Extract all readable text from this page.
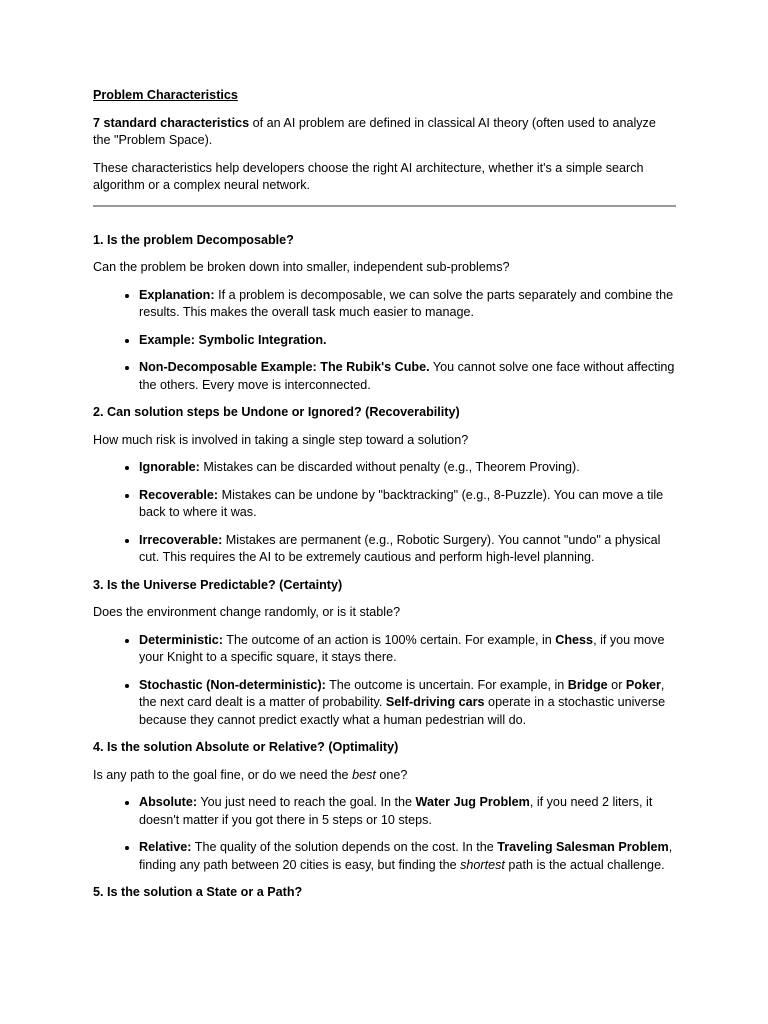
Problem Characteristics

7 standard characteristics of an AI problem are defined in classical AI theory (often used to analyze the "Problem Space).

These characteristics help developers choose the right AI architecture, whether it's a simple search algorithm or a complex neural network.

1. Is the problem Decomposable?

Can the problem be broken down into smaller, independent sub-problems?

• Explanation: If a problem is decomposable, we can solve the parts separately and combine the results. This makes the overall task much easier to manage.
• Example: Symbolic Integration.
• Non-Decomposable Example: The Rubik's Cube. You cannot solve one face without affecting the others. Every move is interconnected.
2. Can solution steps be Undone or Ignored? (Recoverability)

How much risk is involved in taking a single step toward a solution?

• Ignorable: Mistakes can be discarded without penalty (e.g., Theorem Proving).
• Recoverable: Mistakes can be undone by "backtracking" (e.g., 8-Puzzle). You can move a tile back to where it was.
• Irrecoverable: Mistakes are permanent (e.g., Robotic Surgery). You cannot "undo" a physical cut. This requires the AI to be extremely cautious and perform high-level planning.
3. Is the Universe Predictable? (Certainty)

Does the environment change randomly, or is it stable?

• Deterministic: The outcome of an action is 100% certain. For example, in Chess, if you move your Knight to a specific square, it stays there.
• Stochastic (Non-deterministic): The outcome is uncertain. For example, in Bridge or Poker, the next card dealt is a matter of probability. Self-driving cars operate in a stochastic universe because they cannot predict exactly what a human pedestrian will do.
4. Is the solution Absolute or Relative? (Optimality)

Is any path to the goal fine, or do we need the best one?

• Absolute: You just need to reach the goal. In the Water Jug Problem, if you need 2 liters, it doesn't matter if you got there in 5 steps or 10 steps.
• Relative: The quality of the solution depends on the cost. In the Traveling Salesman Problem, finding any path between 20 cities is easy, but finding the shortest path is the actual challenge.
5. Is the solution a State or a Path?
